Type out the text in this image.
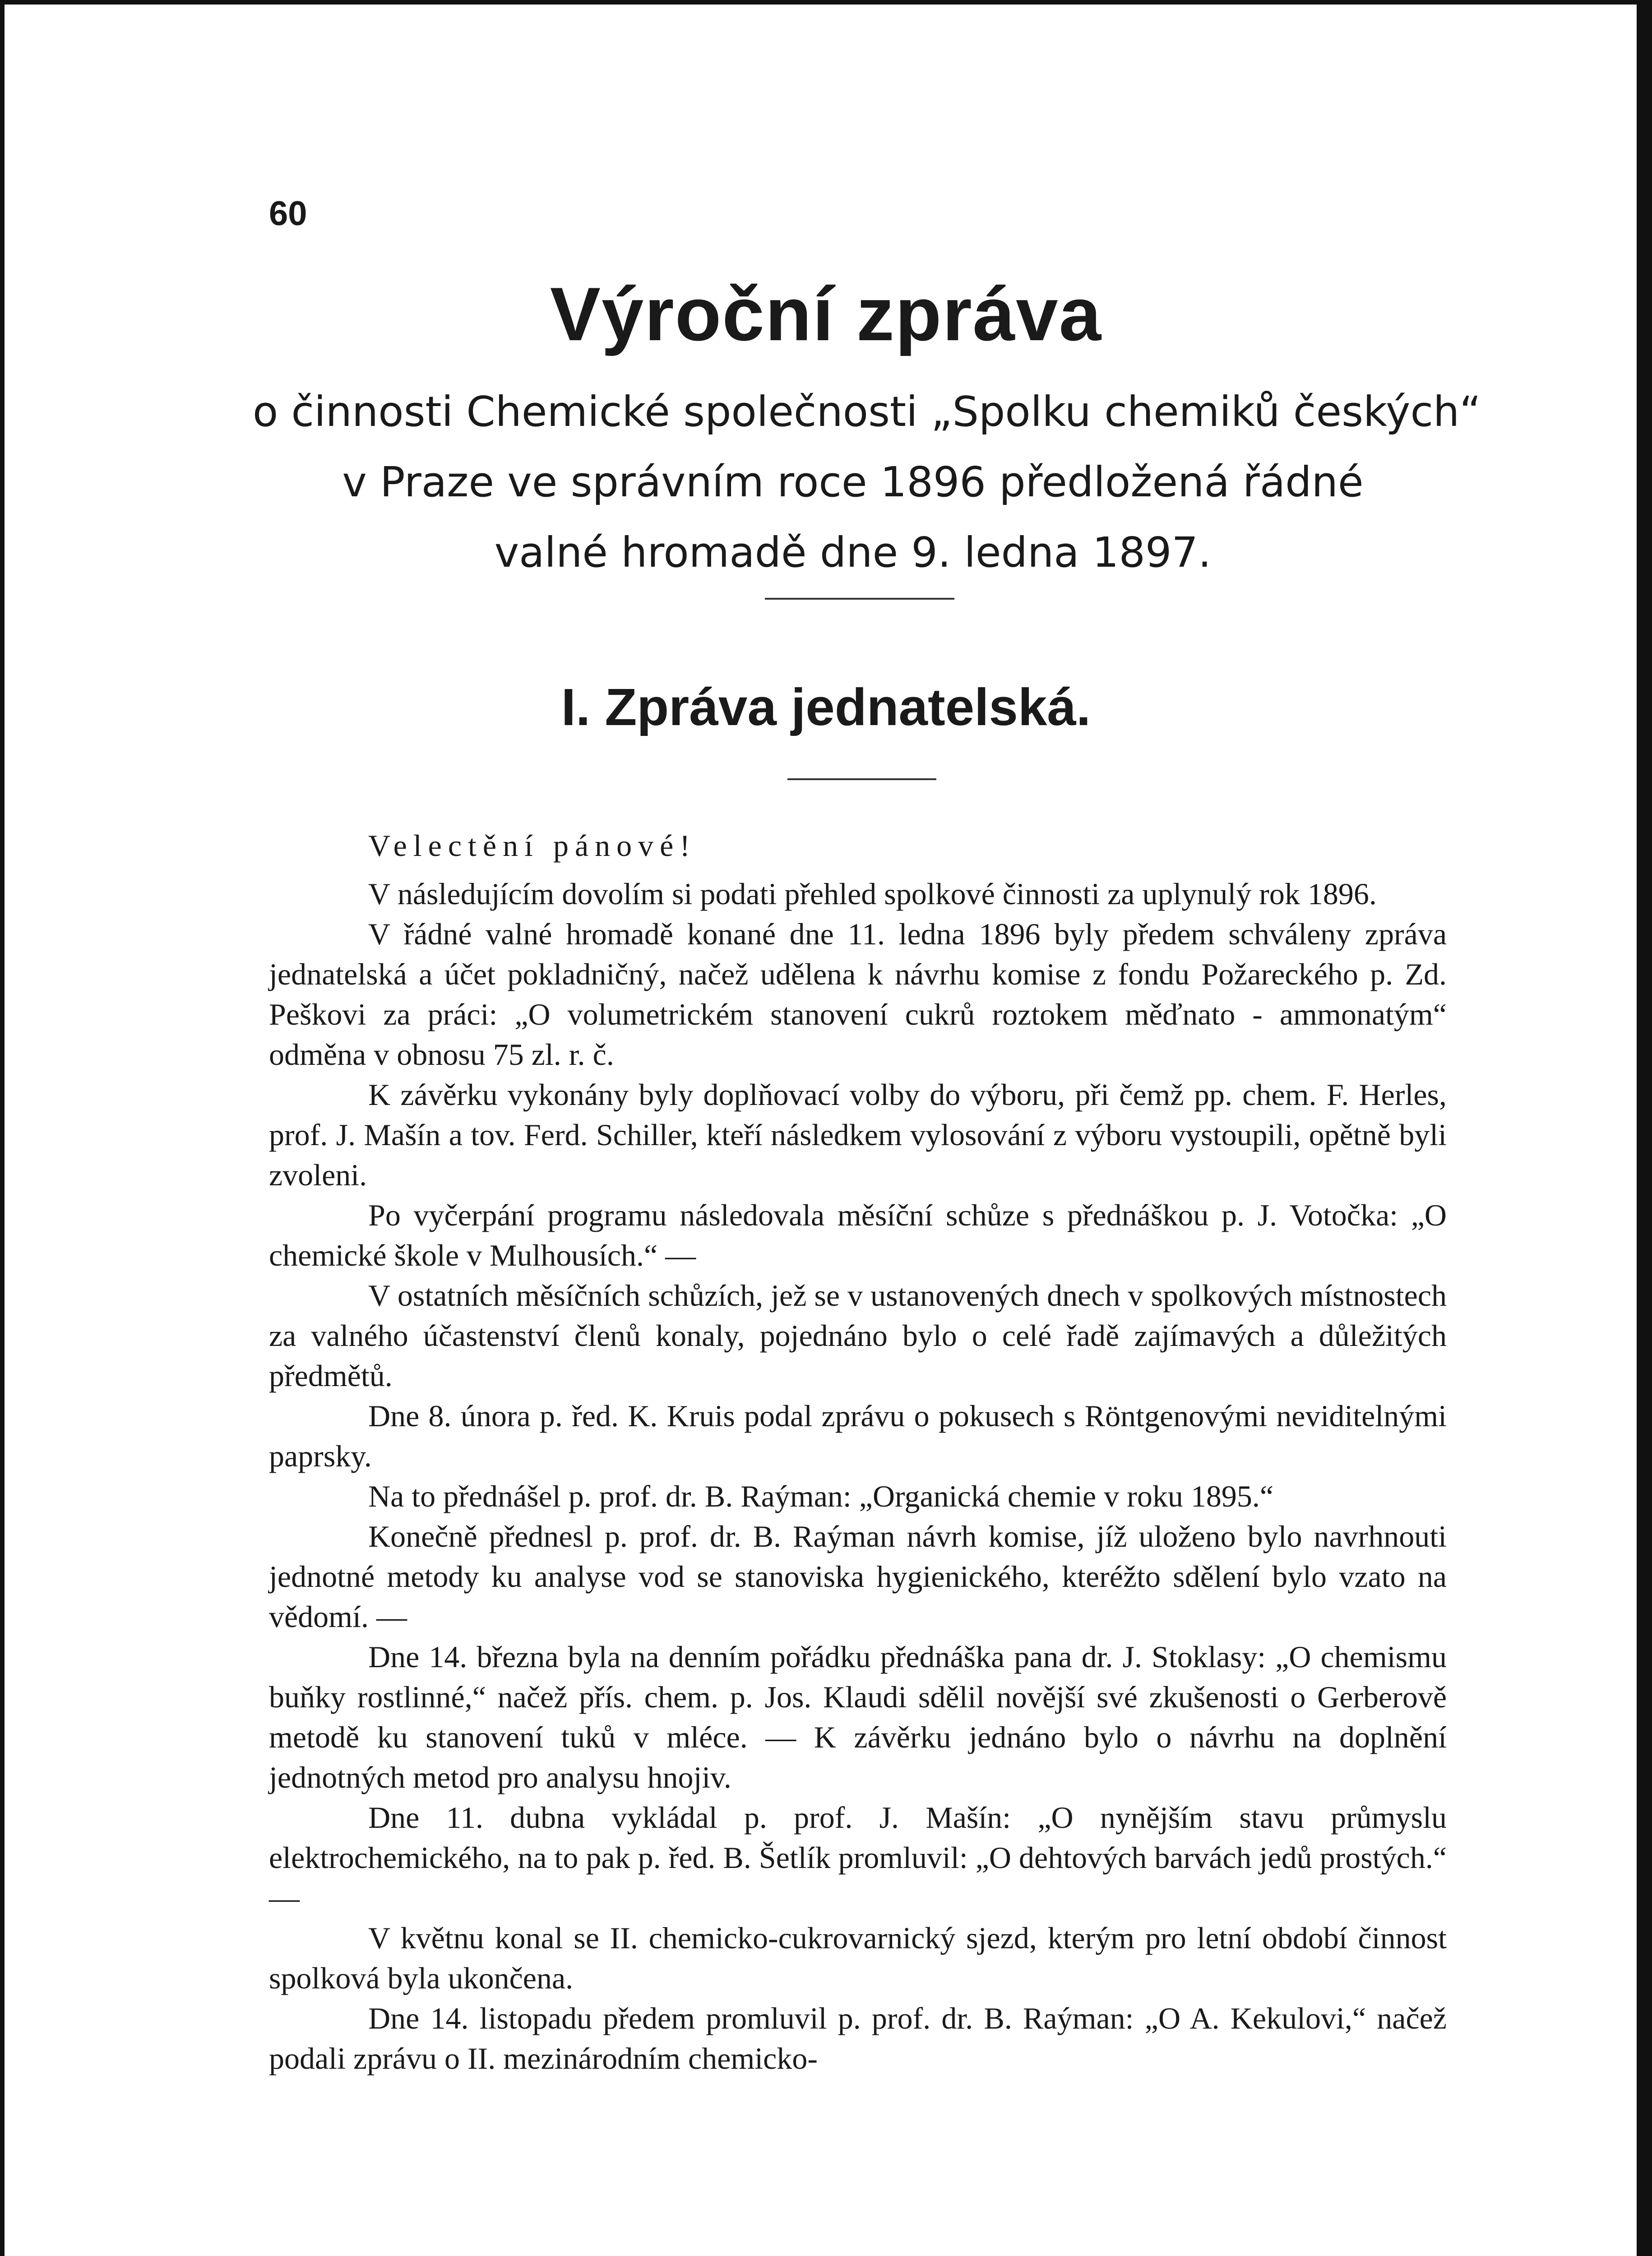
60
Výroční zpráva
o činnosti Chemické společnosti „Spolku chemiků českých“
v Praze ve správním roce 1896 předložená řádné
valné hromadě dne 9. ledna 1897.
I. Zpráva jednatelská.
Velectění pánové!

V následujícím dovolím si podati přehled spolkové činnosti za uplynulý rok 1896.

V řádné valné hromadě konané dne 11. ledna 1896 byly předem schváleny zpráva jednatelská a účet pokladničný, načež udělena k návrhu komise z fondu Požareckého p. Zd. Peškovi za práci: „O volumetrickém stanovení cukrů roztokem měďnato - ammonatým“ odměna v obnosu 75 zl. r. č.

K závěrku vykonány byly doplňovací volby do výboru, při čemž pp. chem. F. Herles, prof. J. Mašín a tov. Ferd. Schiller, kteří následkem vylosování z výboru vystoupili, opětně byli zvoleni.

Po vyčerpání programu následovala měsíční schůze s přednáškou p. J. Votočka: „O chemické škole v Mulhousích.“ —

V ostatních měsíčních schůzích, jež se v ustanovených dnech v spolkových místnostech za valného účastenství členů konaly, pojednáno bylo o celé řadě zajímavých a důležitých předmětů.

Dne 8. února p. řed. K. Kruis podal zprávu o pokusech s Röntgenovými neviditelnými paprsky.

Na to přednášel p. prof. dr. B. Raýman: „Organická chemie v roku 1895.“

Konečně přednesl p. prof. dr. B. Raýman návrh komise, jíž uloženo bylo navrhnouti jednotné metody ku analyse vod se stanoviska hygienického, kteréžto sdělení bylo vzato na vědomí. —

Dne 14. března byla na denním pořádku přednáška pana dr. J. Stoklasy: „O chemismu buňky rostlinné,“ načež přís. chem. p. Jos. Klaudi sdělil novější své zkušenosti o Gerberově metodě ku stanovení tuků v mléce. — K závěrku jednáno bylo o návrhu na doplnění jednotných metod pro analysu hnojiv.

Dne 11. dubna vykládal p. prof. J. Mašín: „O nynějším stavu průmyslu elektrochemického, na to pak p. řed. B. Šetlík promluvil: „O dehtových barvách jedů prostých.“ —

V květnu konal se II. chemicko-cukrovarnický sjezd, kterým pro letní období činnost spolková byla ukončena.

Dne 14. listopadu předem promluvil p. prof. dr. B. Raýman: „O A. Kekulovi,“ načež podali zprávu o II. mezinárodním chemicko-
